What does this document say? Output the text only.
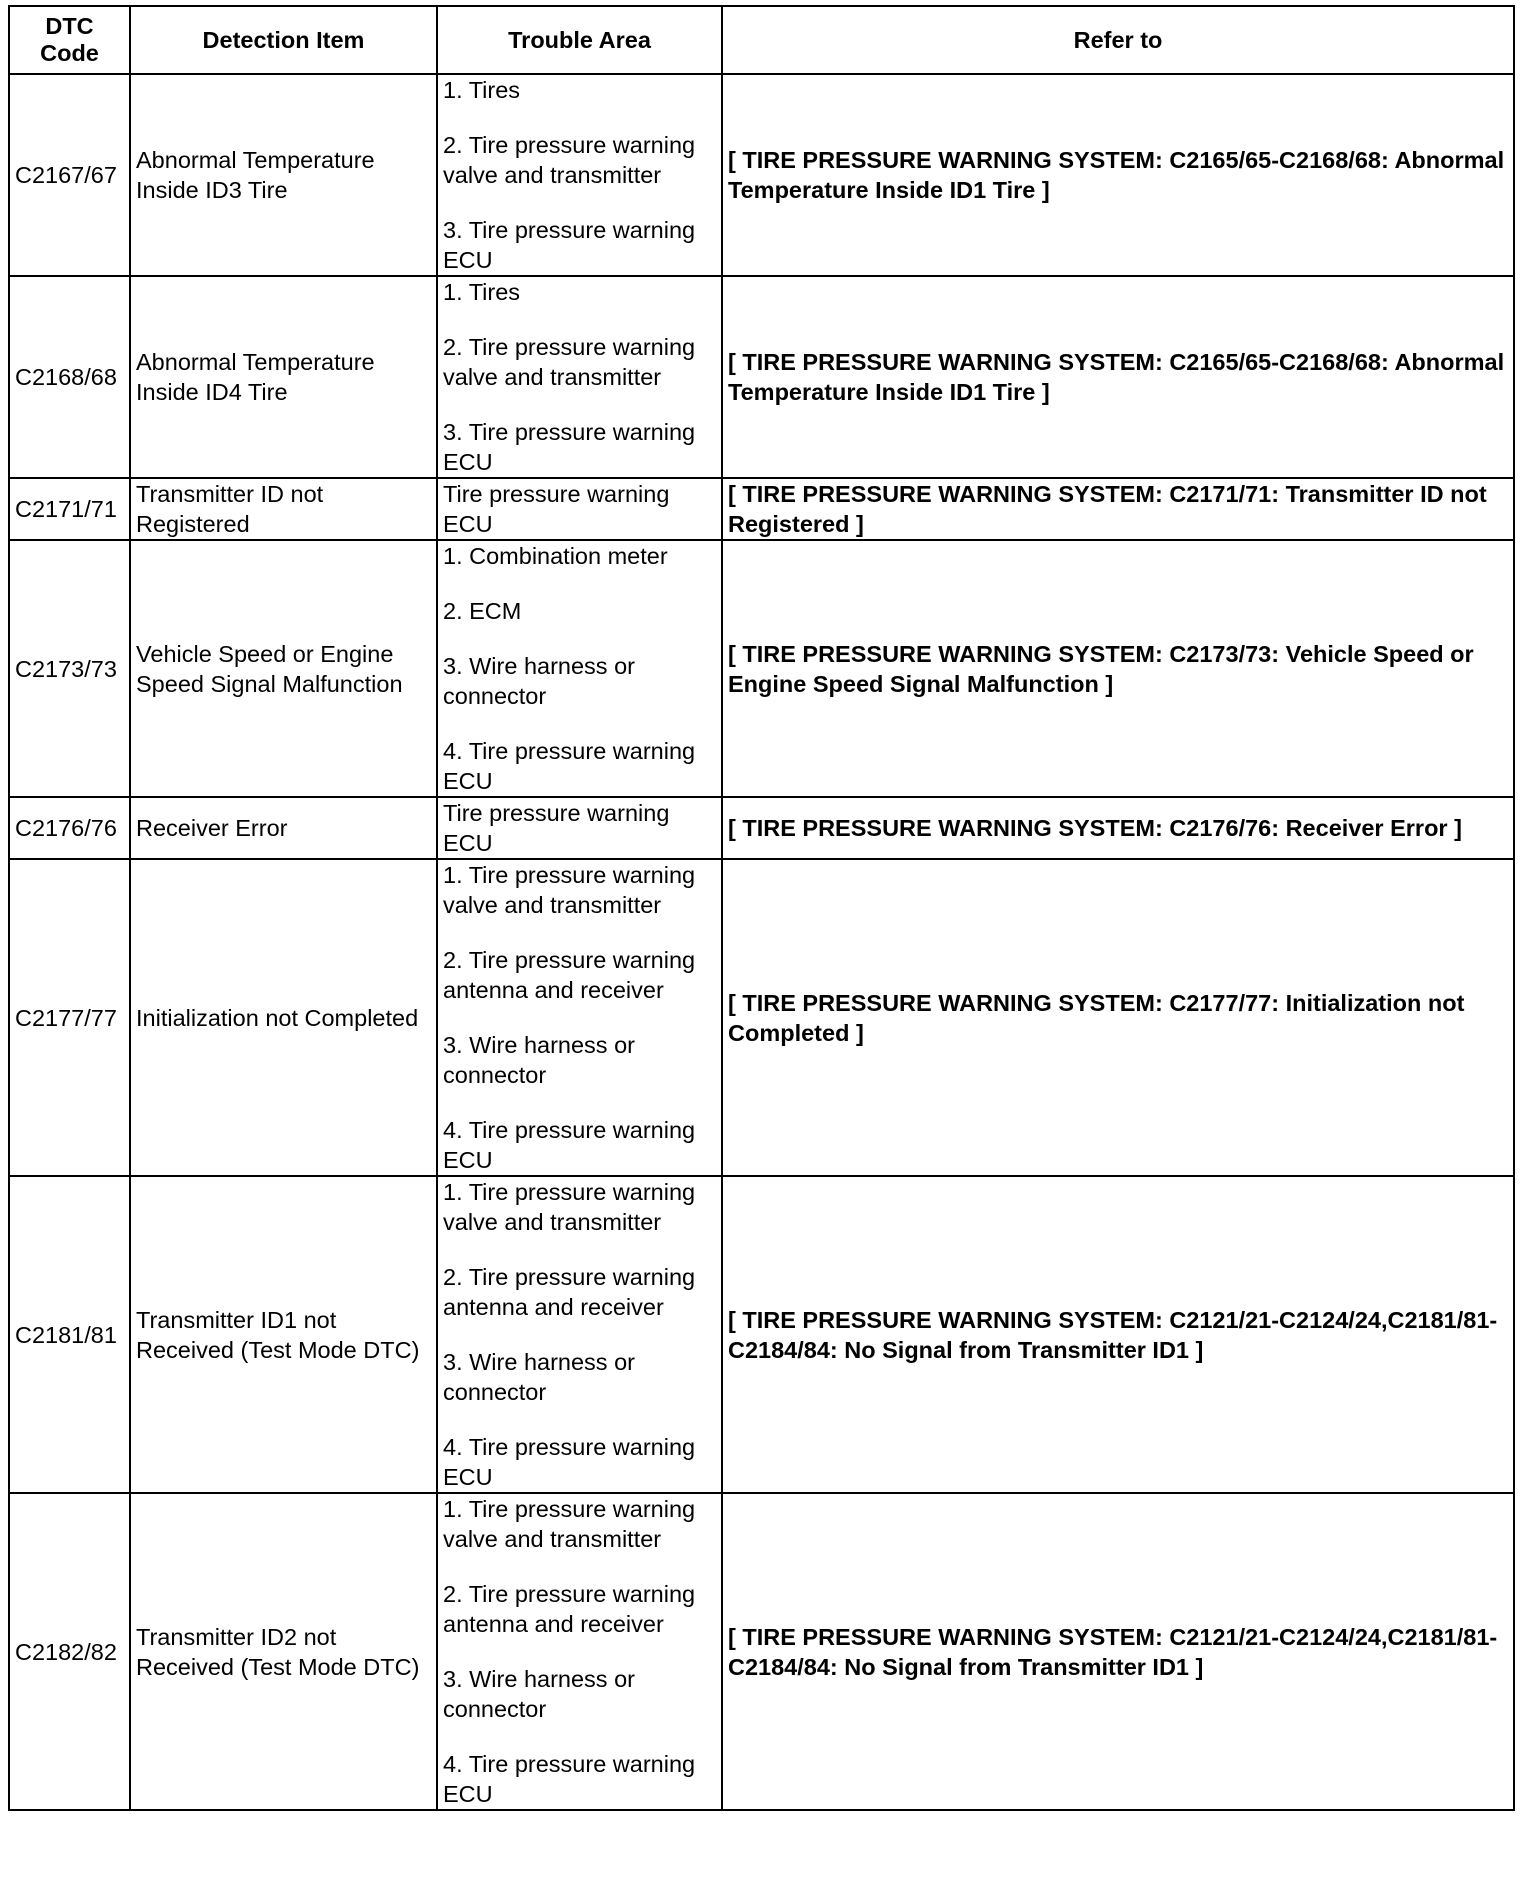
DTC Code	Detection Item	Trouble Area	Refer to
C2167/67	Abnormal Temperature Inside ID3 Tire	1. Tires
2. Tire pressure warning valve and transmitter
3. Tire pressure warning ECU	[ TIRE PRESSURE WARNING SYSTEM: C2165/65-C2168/68: Abnormal Temperature Inside ID1 Tire ]
C2168/68	Abnormal Temperature Inside ID4 Tire	1. Tires
2. Tire pressure warning valve and transmitter
3. Tire pressure warning ECU	[ TIRE PRESSURE WARNING SYSTEM: C2165/65-C2168/68: Abnormal Temperature Inside ID1 Tire ]
C2171/71	Transmitter ID not Registered	Tire pressure warning ECU	[ TIRE PRESSURE WARNING SYSTEM: C2171/71: Transmitter ID not Registered ]
C2173/73	Vehicle Speed or Engine Speed Signal Malfunction	1. Combination meter
2. ECM
3. Wire harness or connector
4. Tire pressure warning ECU	[ TIRE PRESSURE WARNING SYSTEM: C2173/73: Vehicle Speed or Engine Speed Signal Malfunction ]
C2176/76	Receiver Error	Tire pressure warning ECU	[ TIRE PRESSURE WARNING SYSTEM: C2176/76: Receiver Error ]
C2177/77	Initialization not Completed	1. Tire pressure warning valve and transmitter
2. Tire pressure warning antenna and receiver
3. Wire harness or connector
4. Tire pressure warning ECU	[ TIRE PRESSURE WARNING SYSTEM: C2177/77: Initialization not Completed ]
C2181/81	Transmitter ID1 not Received (Test Mode DTC)	1. Tire pressure warning valve and transmitter
2. Tire pressure warning antenna and receiver
3. Wire harness or connector
4. Tire pressure warning ECU	[ TIRE PRESSURE WARNING SYSTEM: C2121/21-C2124/24,C2181/81-C2184/84: No Signal from Transmitter ID1 ]
C2182/82	Transmitter ID2 not Received (Test Mode DTC)	1. Tire pressure warning valve and transmitter
2. Tire pressure warning antenna and receiver
3. Wire harness or connector
4. Tire pressure warning ECU	[ TIRE PRESSURE WARNING SYSTEM: C2121/21-C2124/24,C2181/81-C2184/84: No Signal from Transmitter ID1 ]
